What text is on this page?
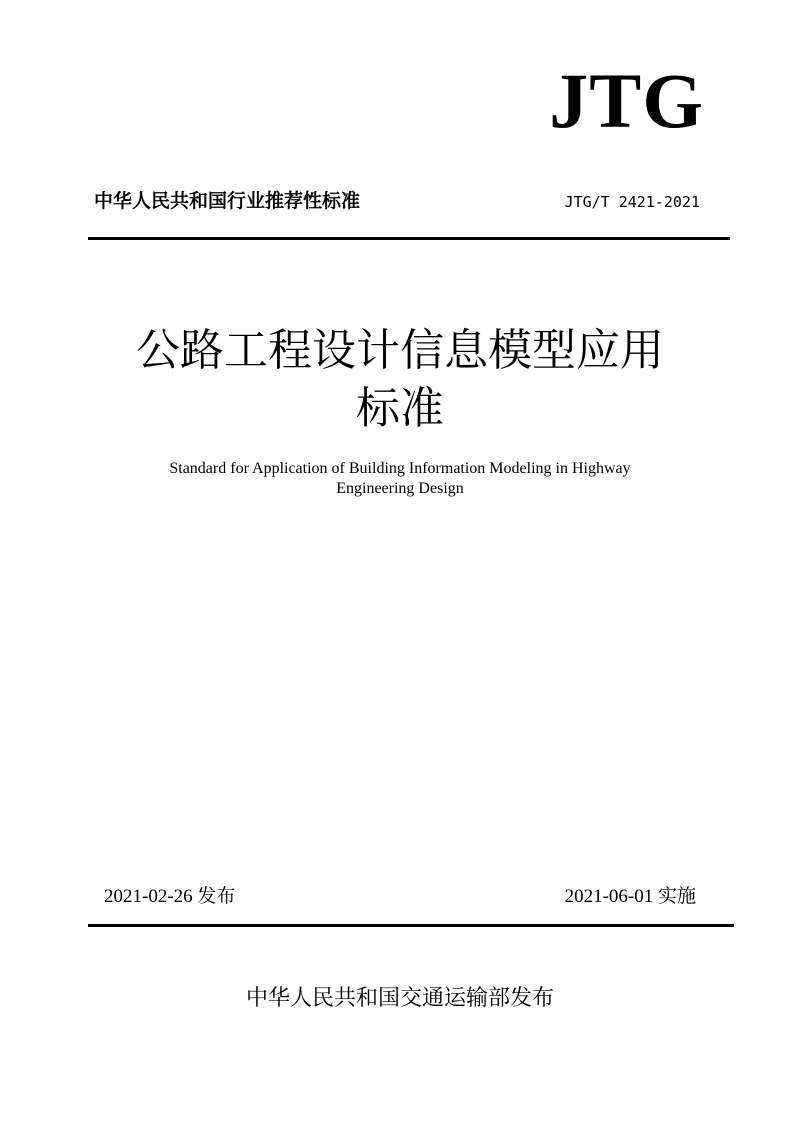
JTG
中华人民共和国行业推荐性标准	JTG/T 2421-2021
公路工程设计信息模型应用
标准
Standard for Application of Building Information Modeling in Highway
Engineering Design
2021-02-26 发布	2021-06-01 实施
中华人民共和国交通运输部发布
